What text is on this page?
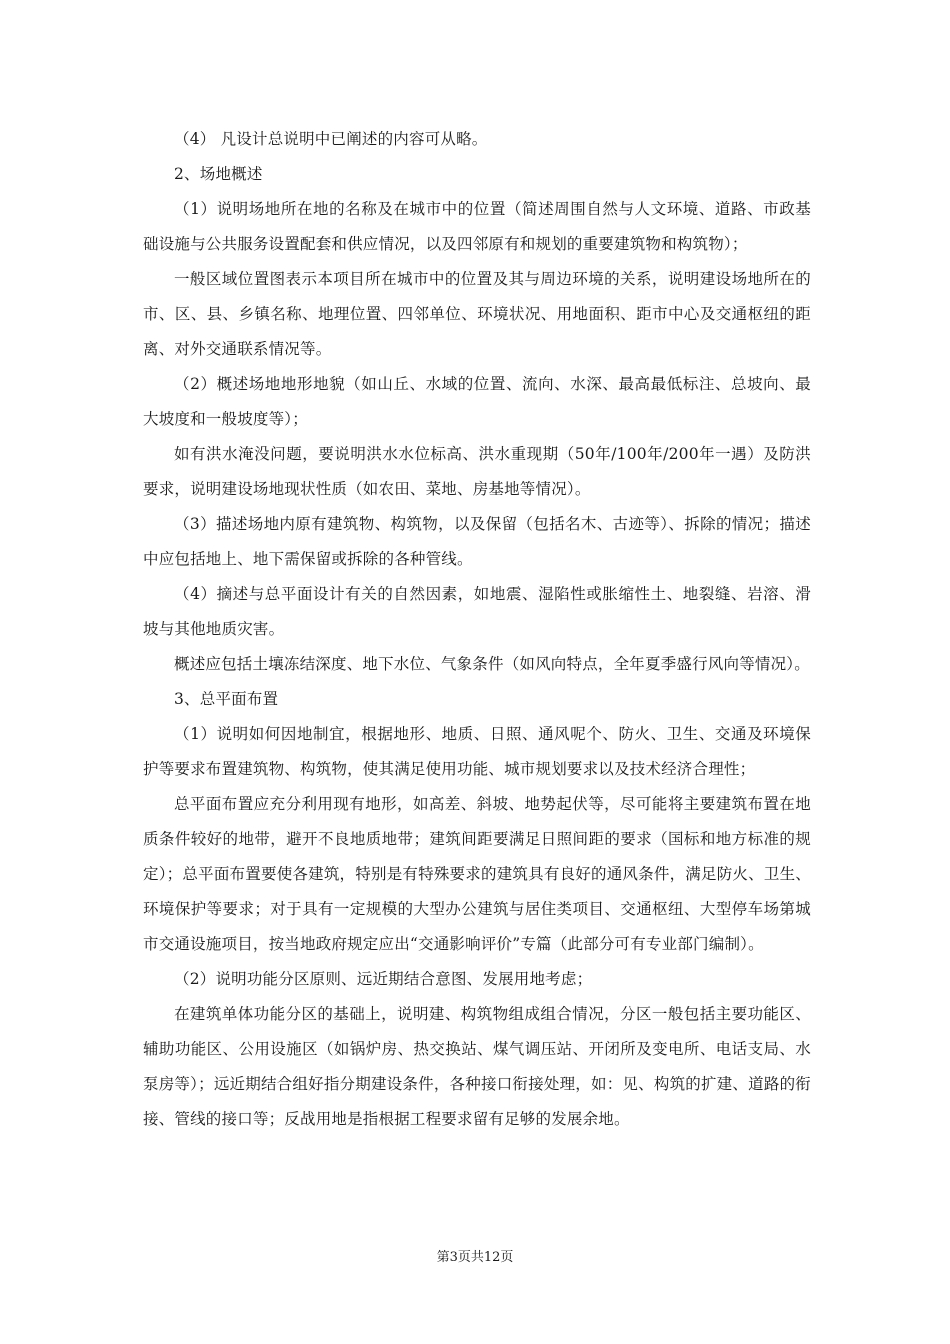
（4） 凡设计总说明中已阐述的内容可从略。

2、场地概述

（1）说明场地所在地的名称及在城市中的位置（简述周围自然与人文环境、道路、市政基础设施与公共服务设置配套和供应情况，以及四邻原有和规划的重要建筑物和构筑物）；

一般区域位置图表示本项目所在城市中的位置及其与周边环境的关系，说明建设场地所在的市、区、县、乡镇名称、地理位置、四邻单位、环境状况、用地面积、距市中心及交通枢纽的距离、对外交通联系情况等。

（2）概述场地地形地貌（如山丘、水域的位置、流向、水深、最高最低标注、总坡向、最大坡度和一般坡度等）；

如有洪水淹没问题，要说明洪水水位标高、洪水重现期（50年/100年/200年一遇）及防洪要求，说明建设场地现状性质（如农田、菜地、房基地等情况）。

（3）描述场地内原有建筑物、构筑物，以及保留（包括名木、古迹等）、拆除的情况；描述中应包括地上、地下需保留或拆除的各种管线。

（4）摘述与总平面设计有关的自然因素，如地震、湿陷性或胀缩性土、地裂缝、岩溶、滑坡与其他地质灾害。

概述应包括土壤冻结深度、地下水位、气象条件（如风向特点，全年夏季盛行风向等情况）。

3、总平面布置

（1）说明如何因地制宜，根据地形、地质、日照、通风呢个、防火、卫生、交通及环境保护等要求布置建筑物、构筑物，使其满足使用功能、城市规划要求以及技术经济合理性；

总平面布置应充分利用现有地形，如高差、斜坡、地势起伏等，尽可能将主要建筑布置在地质条件较好的地带，避开不良地质地带；建筑间距要满足日照间距的要求（国标和地方标准的规定）；总平面布置要使各建筑，特别是有特殊要求的建筑具有良好的通风条件，满足防火、卫生、环境保护等要求；对于具有一定规模的大型办公建筑与居住类项目、交通枢纽、大型停车场第城市交通设施项目，按当地政府规定应出“交通影响评价”专篇（此部分可有专业部门编制）。

（2）说明功能分区原则、远近期结合意图、发展用地考虑；

在建筑单体功能分区的基础上，说明建、构筑物组成组合情况，分区一般包括主要功能区、辅助功能区、公用设施区（如锅炉房、热交换站、煤气调压站、开闭所及变电所、电话支局、水泵房等）；远近期结合组好指分期建设条件，各种接口衔接处理，如：见、构筑的扩建、道路的衔接、管线的接口等；反战用地是指根据工程要求留有足够的发展余地。

第3页共12页
